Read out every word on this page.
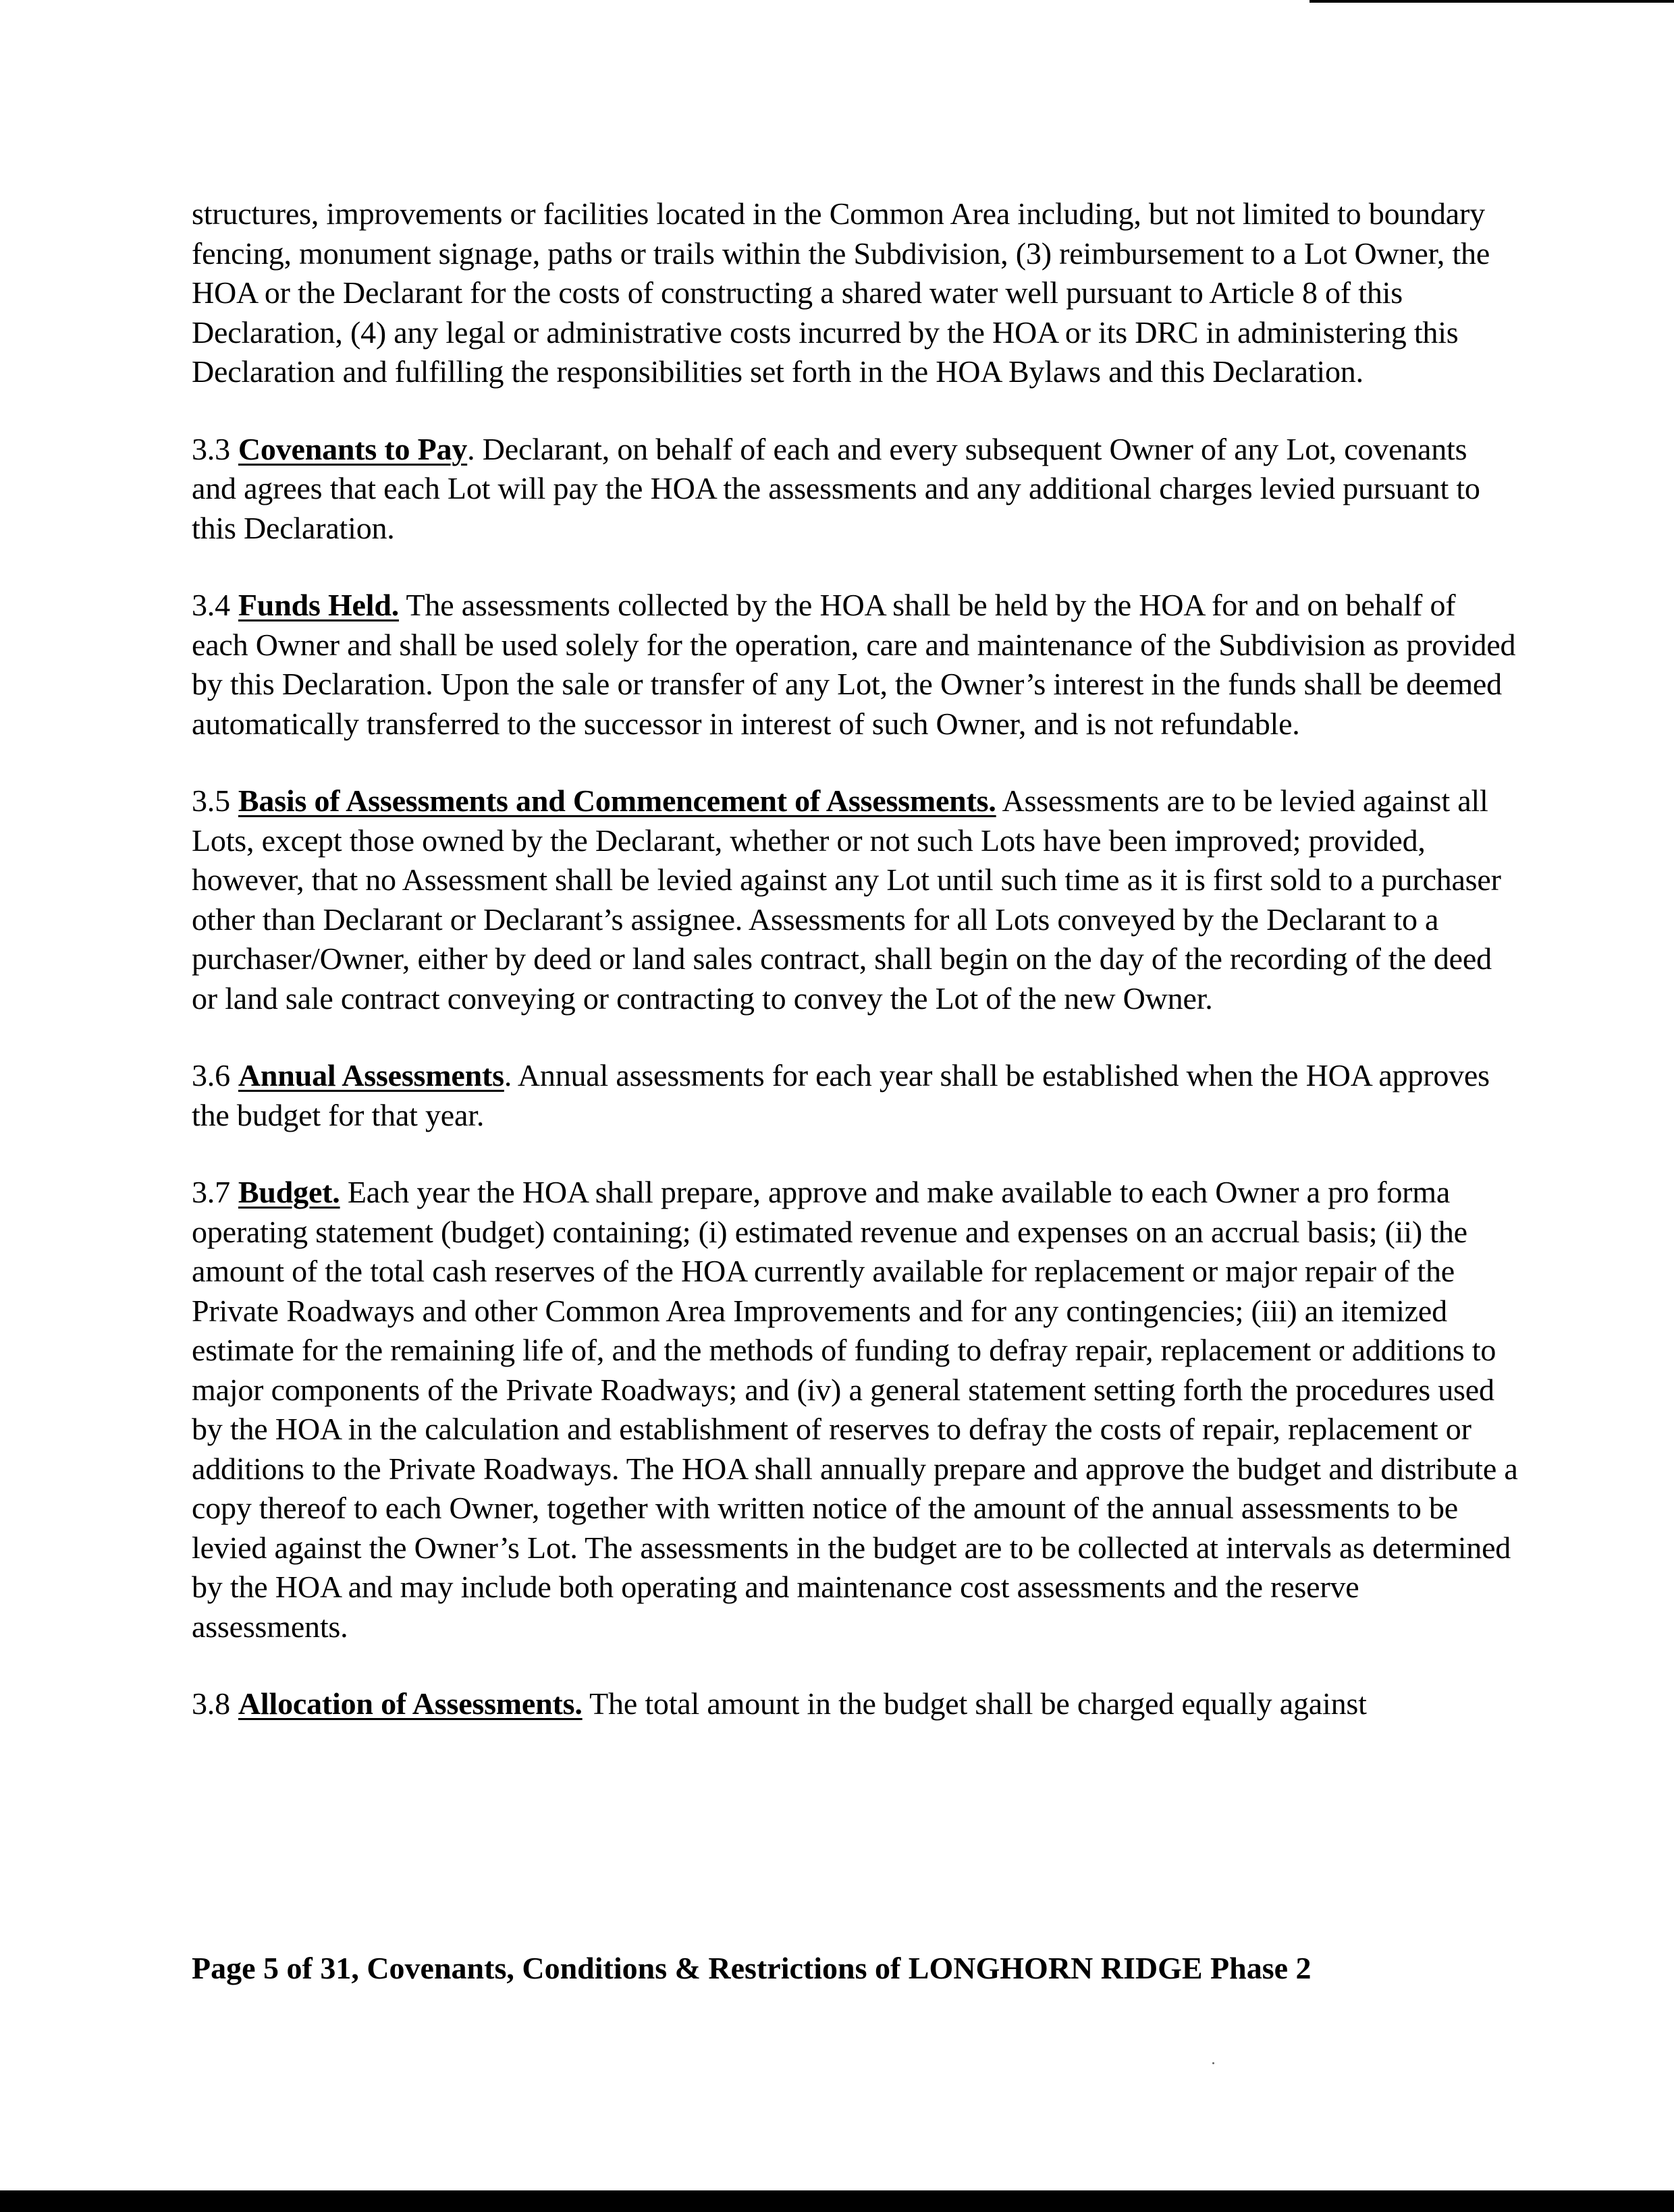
structures, improvements or facilities located in the Common Area including, but not limited to boundary fencing, monument signage, paths or trails within the Subdivision, (3) reimbursement to a Lot Owner, the HOA or the Declarant for the costs of constructing a shared water well pursuant to Article 8 of this Declaration, (4) any legal or administrative costs incurred by the HOA or its DRC in administering this Declaration and fulfilling the responsibilities set forth in the HOA Bylaws and this Declaration.

3.3 Covenants to Pay. Declarant, on behalf of each and every subsequent Owner of any Lot, covenants and agrees that each Lot will pay the HOA the assessments and any additional charges levied pursuant to this Declaration.

3.4 Funds Held. The assessments collected by the HOA shall be held by the HOA for and on behalf of each Owner and shall be used solely for the operation, care and maintenance of the Subdivision as provided by this Declaration. Upon the sale or transfer of any Lot, the Owner’s interest in the funds shall be deemed automatically transferred to the successor in interest of such Owner, and is not refundable.

3.5 Basis of Assessments and Commencement of Assessments. Assessments are to be levied against all Lots, except those owned by the Declarant, whether or not such Lots have been improved; provided, however, that no Assessment shall be levied against any Lot until such time as it is first sold to a purchaser other than Declarant or Declarant’s assignee. Assessments for all Lots conveyed by the Declarant to a purchaser/Owner, either by deed or land sales contract, shall begin on the day of the recording of the deed or land sale contract conveying or contracting to convey the Lot of the new Owner.

3.6 Annual Assessments. Annual assessments for each year shall be established when the HOA approves the budget for that year.

3.7 Budget. Each year the HOA shall prepare, approve and make available to each Owner a pro forma operating statement (budget) containing; (i) estimated revenue and expenses on an accrual basis; (ii) the amount of the total cash reserves of the HOA currently available for replacement or major repair of the Private Roadways and other Common Area Improvements and for any contingencies; (iii) an itemized estimate for the remaining life of, and the methods of funding to defray repair, replacement or additions to major components of the Private Roadways; and (iv) a general statement setting forth the procedures used by the HOA in the calculation and establishment of reserves to defray the costs of repair, replacement or additions to the Private Roadways. The HOA shall annually prepare and approve the budget and distribute a copy thereof to each Owner, together with written notice of the amount of the annual assessments to be levied against the Owner’s Lot. The assessments in the budget are to be collected at intervals as determined by the HOA and may include both operating and maintenance cost assessments and the reserve assessments.

3.8 Allocation of Assessments. The total amount in the budget shall be charged equally against

Page 5 of 31, Covenants, Conditions & Restrictions of LONGHORN RIDGE Phase 2
